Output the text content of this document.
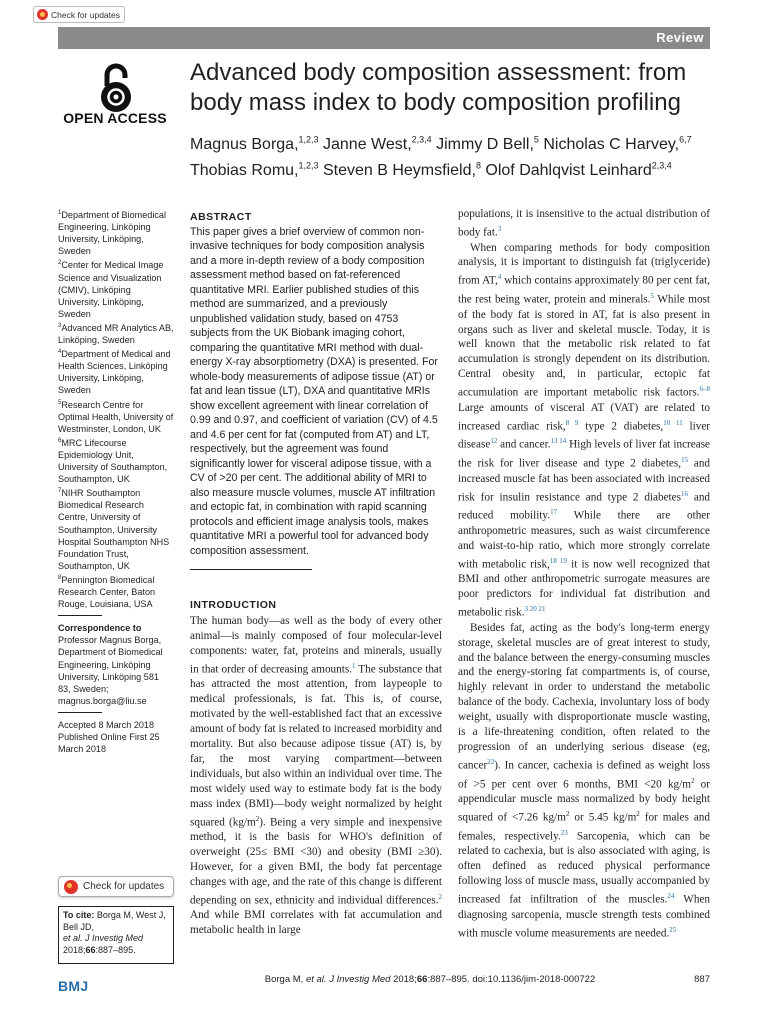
Check for updates
Review
OPEN ACCESS
Advanced body composition assessment: from body mass index to body composition profiling
Magnus Borga,$^{1,2,3}$ Janne West,$^{2,3,4}$ Jimmy D Bell,$^5$ Nicholas C Harvey,$^{6,7}$
Thobias Romu,$^{1,2,3}$ Steven B Heymsfield,$^8$ Olof Dahlqvist Leinhard$^{2,3,4}$

$^1$Department of Biomedical Engineering, Linköping University, Linköping, Sweden

$^2$Center for Medical Image Science and Visualization (CMIV), Linköping University, Linköping, Sweden

$^3$Advanced MR Analytics AB, Linköping, Sweden

$^4$Department of Medical and Health Sciences, Linköping University, Linköping, Sweden

$^5$Research Centre for Optimal Health, University of Westminster, London, UK

$^6$MRC Lifecourse Epidemiology Unit, University of Southampton, Southampton, UK

$^7$NIHR Southampton Biomedical Research Centre, University of Southampton, University Hospital Southampton NHS Foundation Trust, Southampton, UK

$^8$Pennington Biomedical Research Center, Baton Rouge, Louisiana, USA

Correspondence to

Professor Magnus Borga, Department of Biomedical Engineering, Linköping University, Linköping 581 83, Sweden; magnus.borga@liu.se

Accepted 8 March 2018

Published Online First 25 March 2018

Check for updates
To cite: Borga M, West J, Bell JD,
et al. J Investig Med
2018;66:887–895.

ABSTRACT

This paper gives a brief overview of common non-invasive techniques for body composition analysis and a more in-depth review of a body composition assessment method based on fat-referenced quantitative MRI. Earlier published studies of this method are summarized, and a previously unpublished validation study, based on 4753 subjects from the UK Biobank imaging cohort, comparing the quantitative MRI method with dual-energy X-ray absorptiometry (DXA) is presented. For whole-body measurements of adipose tissue (AT) or fat and lean tissue (LT), DXA and quantitative MRIs show excellent agreement with linear correlation of 0.99 and 0.97, and coefficient of variation (CV) of 4.5 and 4.6 per cent for fat (computed from AT) and LT, respectively, but the agreement was found significantly lower for visceral adipose tissue, with a CV of >20 per cent. The additional ability of MRI to also measure muscle volumes, muscle AT infiltration and ectopic fat, in combination with rapid scanning protocols and efficient image analysis tools, makes quantitative MRI a powerful tool for advanced body composition assessment.

INTRODUCTION

The human body—as well as the body of every other animal—is mainly composed of four molecular-level components: water, fat, proteins and minerals, usually in that order of decreasing amounts.$^1$ The substance that has attracted the most attention, from laypeople to medical professionals, is fat. This is, of course, motivated by the well-established fact that an excessive amount of body fat is related to increased morbidity and mortality. But also because adipose tissue (AT) is, by far, the most varying compartment—between individuals, but also within an individual over time. The most widely used way to estimate body fat is the body mass index (BMI)—body weight normalized by height squared $(kg/m^2)$. Being a very simple and inexpensive method, it is the basis for WHO's definition of overweight (25≤ BMI <30) and obesity (BMI ≥30). However, for a given BMI, the body fat percentage changes with age, and the rate of this change is different depending on sex, ethnicity and individual differences.$^2$ And while BMI correlates with fat accumulation and metabolic health in large

populations, it is insensitive to the actual distribution of body fat.$^3$

When comparing methods for body composition analysis, it is important to distinguish fat (triglyceride) from AT,$^4$ which contains approximately 80 per cent fat, the rest being water, protein and minerals.$^5$ While most of the body fat is stored in AT, fat is also present in organs such as liver and skeletal muscle. Today, it is well known that the metabolic risk related to fat accumulation is strongly dependent on its distribution. Central obesity and, in particular, ectopic fat accumulation are important metabolic risk factors.$^{6-8}$ Large amounts of visceral AT (VAT) are related to increased cardiac risk,$^{8 9}$ type 2 diabetes,$^{10 11}$ liver disease$^{12}$ and cancer.$^{13 14}$ High levels of liver fat increase the risk for liver disease and type 2 diabetes,$^{15}$ and increased muscle fat has been associated with increased risk for insulin resistance and type 2 diabetes$^{16}$ and reduced mobility.$^{17}$ While there are other anthropometric measures, such as waist circumference and waist-to-hip ratio, which more strongly correlate with metabolic risk,$^{18 19}$ it is now well recognized that BMI and other anthropometric surrogate measures are poor predictors for individual fat distribution and metabolic risk.$^{3 20 21}$

Besides fat, acting as the body's long-term energy storage, skeletal muscles are of great interest to study, and the balance between the energy-consuming muscles and the energy-storing fat compartments is, of course, highly relevant in order to understand the metabolic balance of the body. Cachexia, involuntary loss of body weight, usually with disproportionate muscle wasting, is a life-threatening condition, often related to the progression of an underlying serious disease (eg, cancer$^{22}$). In cancer, cachexia is defined as weight loss of >5 per cent over 6 months, BMI <20 $kg/m^2$ or appendicular muscle mass normalized by body height squared of <7.26 $kg/m^2$ or 5.45 $kg/m^2$ for males and females, respectively.$^{23}$ Sarcopenia, which can be related to cachexia, but is also associated with aging, is often defined as reduced physical performance following loss of muscle mass, usually accompanied by increased fat infiltration of the muscles.$^{24}$ When diagnosing sarcopenia, muscle strength tests combined with muscle volume measurements are needed.$^{25}$

BMJ	Borga M, et al. J Investig Med 2018;66:887–895. doi:10.1136/jim-2018-000722	887
